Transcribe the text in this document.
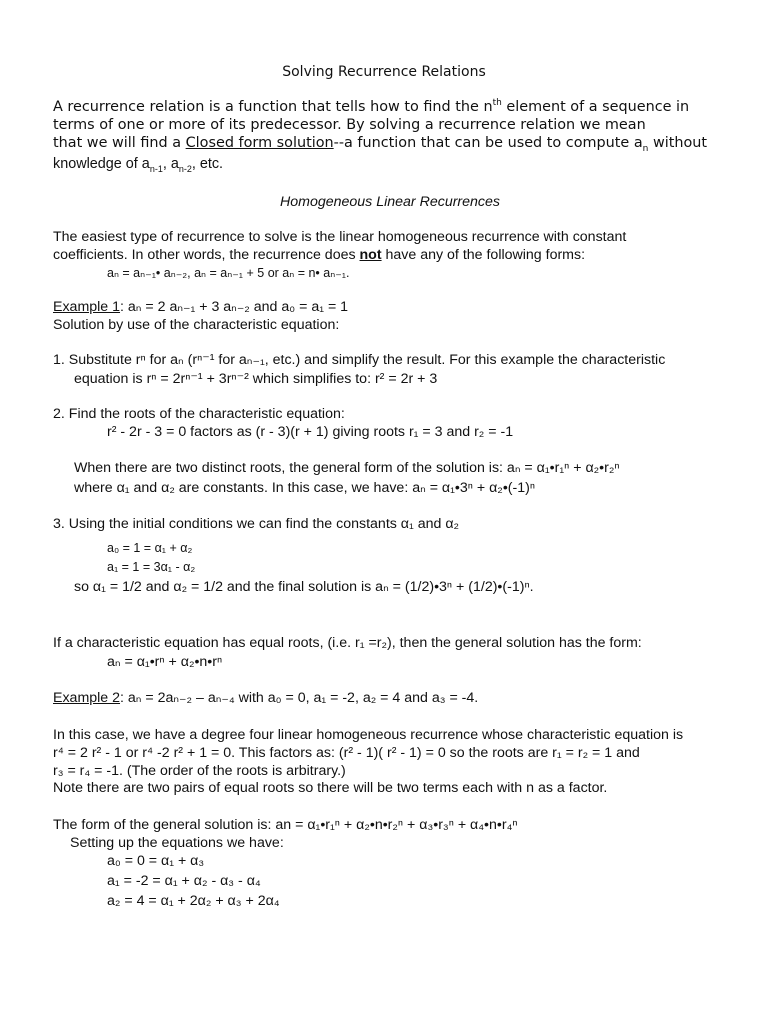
Solving Recurrence Relations
A recurrence relation is a function that tells how to find the $n^{th}$ element of a sequence in
terms of one or more of its predecessor. By solving a recurrence relation we mean
that we will find a Closed form solution--a function that can be used to compute $a_n$ without
knowledge of $a_{n-1}$, $a_{n-2}$, etc.
Homogeneous Linear Recurrences
The easiest type of recurrence to solve is the linear homogeneous recurrence with constant
coefficients. In other words, the recurrence does not have any of the following forms:
aₙ = aₙ₋₁• aₙ₋₂, aₙ = aₙ₋₁ + 5 or aₙ = n• aₙ₋₁.
Example 1: aₙ = 2 aₙ₋₁ + 3 aₙ₋₂ and a₀ = a₁ = 1
Solution by use of the characteristic equation:
1. Substitute rⁿ for aₙ (rⁿ⁻¹ for aₙ₋₁, etc.) and simplify the result. For this example the characteristic
equation is rⁿ = 2rⁿ⁻¹ + 3rⁿ⁻² which simplifies to: r² = 2r + 3
2. Find the roots of the characteristic equation:
r² - 2r - 3 = 0 factors as (r - 3)(r + 1) giving roots r₁ = 3 and r₂ = -1
When there are two distinct roots, the general form of the solution is: aₙ = α₁•r₁ⁿ + α₂•r₂ⁿ
where α₁ and α₂ are constants. In this case, we have: aₙ = α₁•3ⁿ + α₂•(-1)ⁿ
3. Using the initial conditions we can find the constants α₁ and α₂
a₀ = 1 = α₁ + α₂
a₁ = 1 = 3α₁ - α₂
so α₁ = 1/2 and α₂ = 1/2 and the final solution is aₙ = (1/2)•3ⁿ + (1/2)•(-1)ⁿ.
If a characteristic equation has equal roots, (i.e. r₁ =r₂), then the general solution has the form:
aₙ = α₁•rⁿ + α₂•n•rⁿ
Example 2: aₙ = 2aₙ₋₂ – aₙ₋₄ with a₀ = 0, a₁ = -2, a₂ = 4 and a₃ = -4.
In this case, we have a degree four linear homogeneous recurrence whose characteristic equation is
r⁴ = 2 r² - 1 or r⁴ -2 r² + 1 = 0. This factors as: (r² - 1)( r² - 1) = 0 so the roots are r₁ = r₂ = 1 and
r₃ = r₄ = -1. (The order of the roots is arbitrary.)
Note there are two pairs of equal roots so there will be two terms each with n as a factor.
The form of the general solution is: an = α₁•r₁ⁿ + α₂•n•r₂ⁿ + α₃•r₃ⁿ + α₄•n•r₄ⁿ
Setting up the equations we have:
a₀ = 0 = α₁ + α₃
a₁ = -2 = α₁ + α₂ - α₃ - α₄
a₂ = 4 = α₁ + 2α₂ + α₃ + 2α₄
